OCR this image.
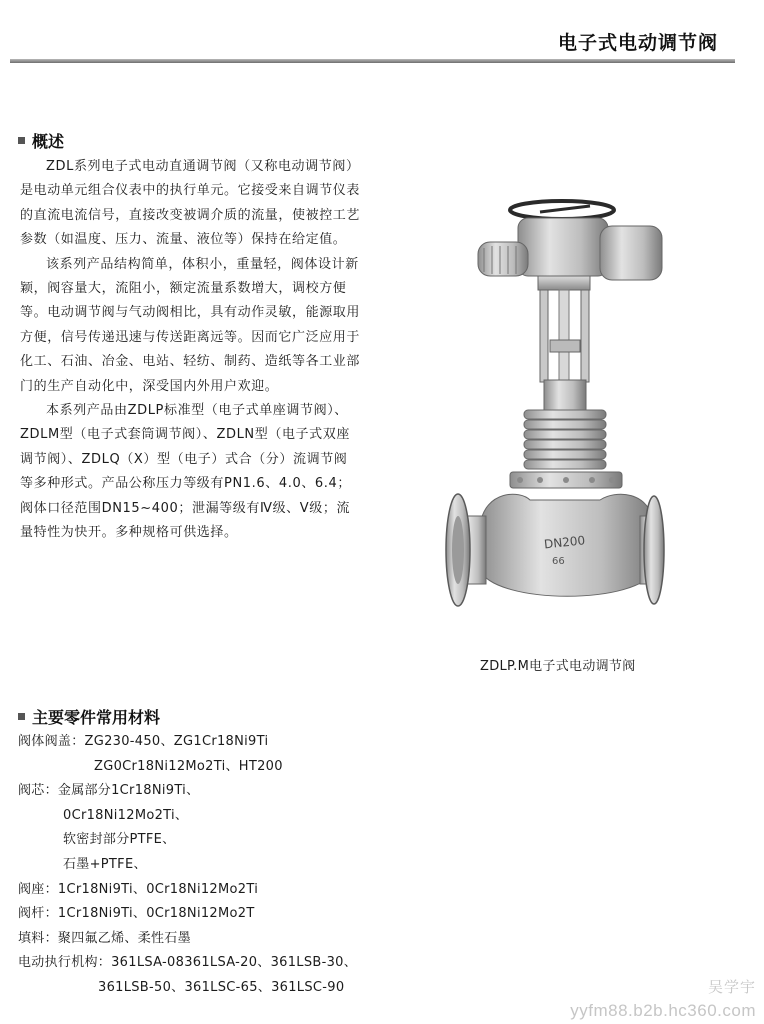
电子式电动调节阀
概述

ZDL系列电子式电动直通调节阀（又称电动调节阀）是电动单元组合仪表中的执行单元。它接受来自调节仪表的直流电流信号，直接改变被调介质的流量，使被控工艺参数（如温度、压力、流量、液位等）保持在给定值。

该系列产品结构简单，体积小，重量轻，阀体设计新颖，阀容量大，流阻小，额定流量系数增大，调校方便等。电动调节阀与气动阀相比，具有动作灵敏，能源取用方便，信号传递迅速与传送距离远等。因而它广泛应用于化工、石油、冶金、电站、轻纺、制药、造纸等各工业部门的生产自动化中，深受国内外用户欢迎。

本系列产品由ZDLP标准型（电子式单座调节阀）、ZDLM型（电子式套筒调节阀）、ZDLN型（电子式双座调节阀）、ZDLQ（X）型（电子）式合（分）流调节阀等多种形式。产品公称压力等级有PN1.6、4.0、6.4；阀体口径范围DN15~400；泄漏等级有Ⅳ级、Ⅴ级；流量特性为快开。多种规格可供选择。

DN200
66
ZDLP.M电子式电动调节阀
主要零件常用材料
阀体阀盖：ZG230-450、ZG1Cr18Ni9Ti
ZG0Cr18Ni12Mo2Ti、HT200
阀芯：金属部分1Cr18Ni9Ti、
0Cr18Ni12Mo2Ti、
软密封部分PTFE、
石墨+PTFE、
阀座：1Cr18Ni9Ti、0Cr18Ni12Mo2Ti
阀杆：1Cr18Ni9Ti、0Cr18Ni12Mo2T
填料：聚四氟乙烯、柔性石墨
电动执行机构：361LSA-08361LSA-20、361LSB-30、
361LSB-50、361LSC-65、361LSC-90	吴学宇
yyfm88.b2b.hc360.com
